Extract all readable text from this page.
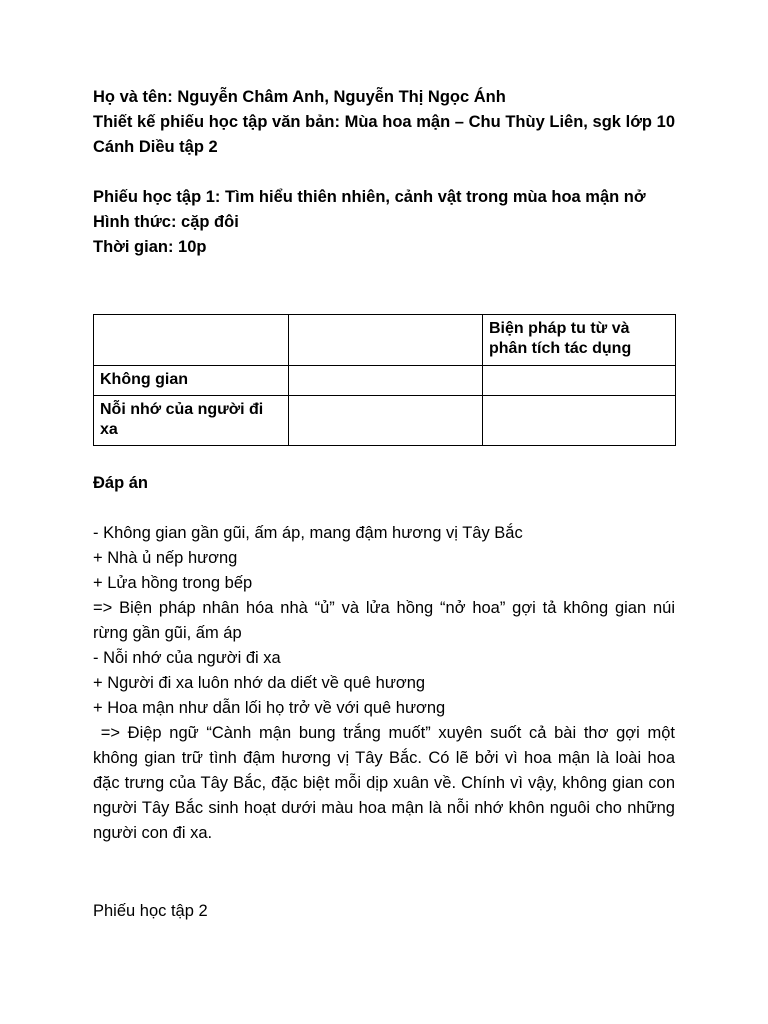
Họ và tên: Nguyễn Châm Anh, Nguyễn Thị Ngọc Ánh

Thiết kế phiếu học tập văn bản: Mùa hoa mận – Chu Thùy Liên, sgk lớp 10 Cánh Diều tập 2

Phiếu học tập 1: Tìm hiểu thiên nhiên, cảnh vật trong mùa hoa mận nở

Hình thức: cặp đôi

Thời gian: 10p

		Biện pháp tu từ và phân tích tác dụng
Không gian		
Nỗi nhớ của người đi xa		

Đáp án

- Không gian gần gũi, ấm áp, mang đậm hương vị Tây Bắc

+ Nhà ủ nếp hương

+ Lửa hồng trong bếp

=> Biện pháp nhân hóa nhà “ủ” và lửa hồng “nở hoa” gợi tả không gian núi rừng gần gũi, ấm áp

- Nỗi nhớ của người đi xa

+ Người đi xa luôn nhớ da diết về quê hương

+ Hoa mận như dẫn lối họ trở về với quê hương

=> Điệp ngữ “Cành mận bung trắng muốt” xuyên suốt cả bài thơ gợi một không gian trữ tình đậm hương vị Tây Bắc. Có lẽ bởi vì hoa mận là loài hoa đặc trưng của Tây Bắc, đặc biệt mỗi dịp xuân về. Chính vì vậy, không gian con người Tây Bắc sinh hoạt dưới màu hoa mận là nỗi nhớ khôn nguôi cho những người con đi xa.

Phiếu học tập 2
